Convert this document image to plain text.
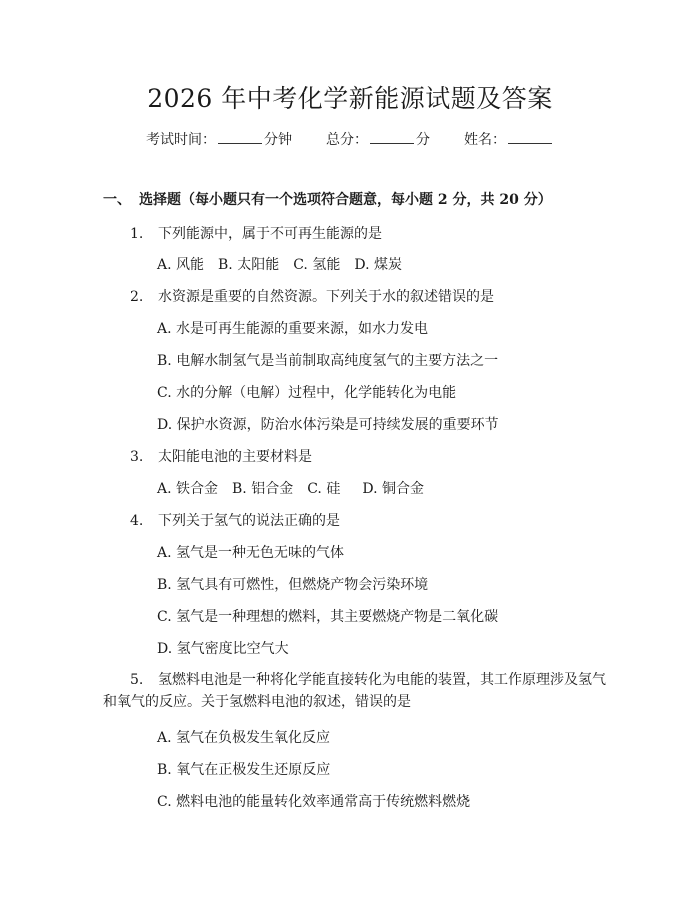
2026 年中考化学新能源试题及答案
考试时间：	分钟 总分：	分 姓名：
一、 选择题（每小题只有一个选项符合题意，每小题 2 分，共 20 分）
1. 下列能源中，属于不可再生能源的是
A. 风能 B. 太阳能 C. 氢能 D. 煤炭
2. 水资源是重要的自然资源。下列关于水的叙述错误的是
A. 水是可再生能源的重要来源，如水力发电
B. 电解水制氢气是当前制取高纯度氢气的主要方法之一
C. 水的分解（电解）过程中，化学能转化为电能
D. 保护水资源，防治水体污染是可持续发展的重要环节
3. 太阳能电池的主要材料是
A. 铁合金 B. 铝合金 C. 硅 D. 铜合金
4. 下列关于氢气的说法正确的是
A. 氢气是一种无色无味的气体
B. 氢气具有可燃性，但燃烧产物会污染环境
C. 氢气是一种理想的燃料，其主要燃烧产物是二氧化碳
D. 氢气密度比空气大
5. 氢燃料电池是一种将化学能直接转化为电能的装置，其工作原理涉及氢气
和氧气的反应。关于氢燃料电池的叙述，错误的是
A. 氢气在负极发生氧化反应
B. 氧气在正极发生还原反应
C. 燃料电池的能量转化效率通常高于传统燃料燃烧
